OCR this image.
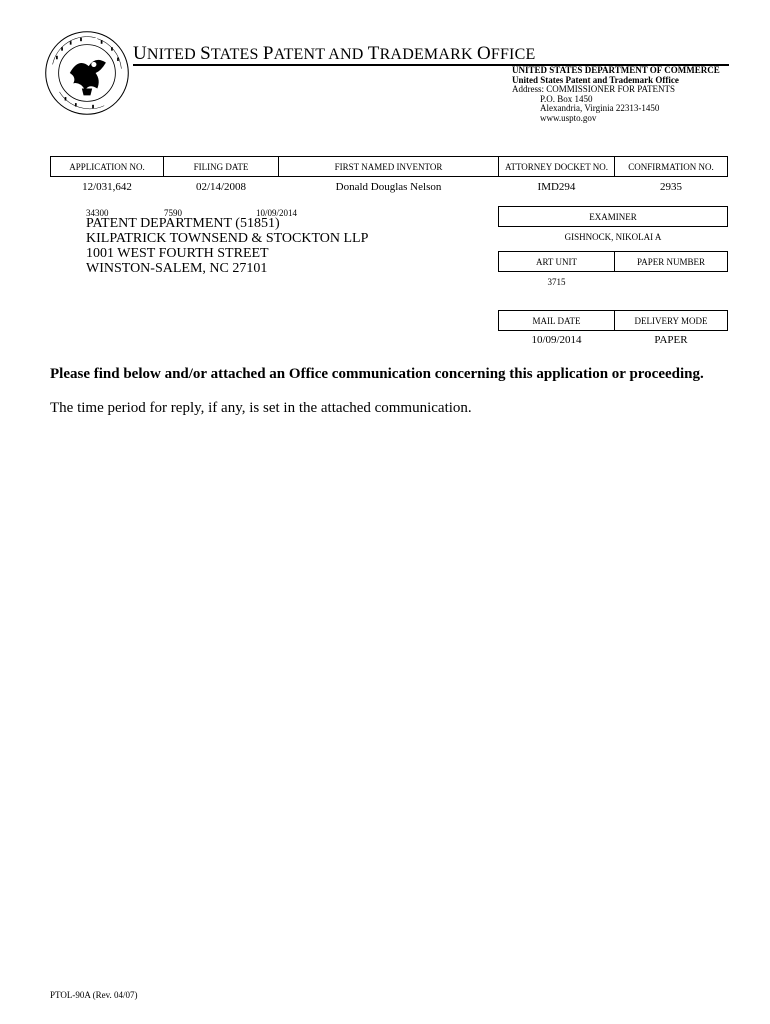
UNITED STATES PATENT AND TRADEMARK OFFICE
UNITED STATES DEPARTMENT OF COMMERCE
United States Patent and Trademark Office
Address: COMMISSIONER FOR PATENTS
P.O. Box 1450
Alexandria, Virginia 22313-1450
www.uspto.gov
APPLICATION NO.	FILING DATE	FIRST NAMED INVENTOR	ATTORNEY DOCKET NO.	CONFIRMATION NO.
12/031,642	02/14/2008	Donald Douglas Nelson	IMD294	2935
34300	7590	10/09/2014
PATENT DEPARTMENT (51851)
KILPATRICK TOWNSEND & STOCKTON LLP
1001 WEST FOURTH STREET
WINSTON-SALEM, NC 27101
EXAMINER
GISHNOCK, NIKOLAI A
ART UNIT	PAPER NUMBER
3715
MAIL DATE	DELIVERY MODE
10/09/2014	PAPER
Please find below and/or attached an Office communication concerning this application or proceeding.
The time period for reply, if any, is set in the attached communication.
PTOL-90A (Rev. 04/07)
